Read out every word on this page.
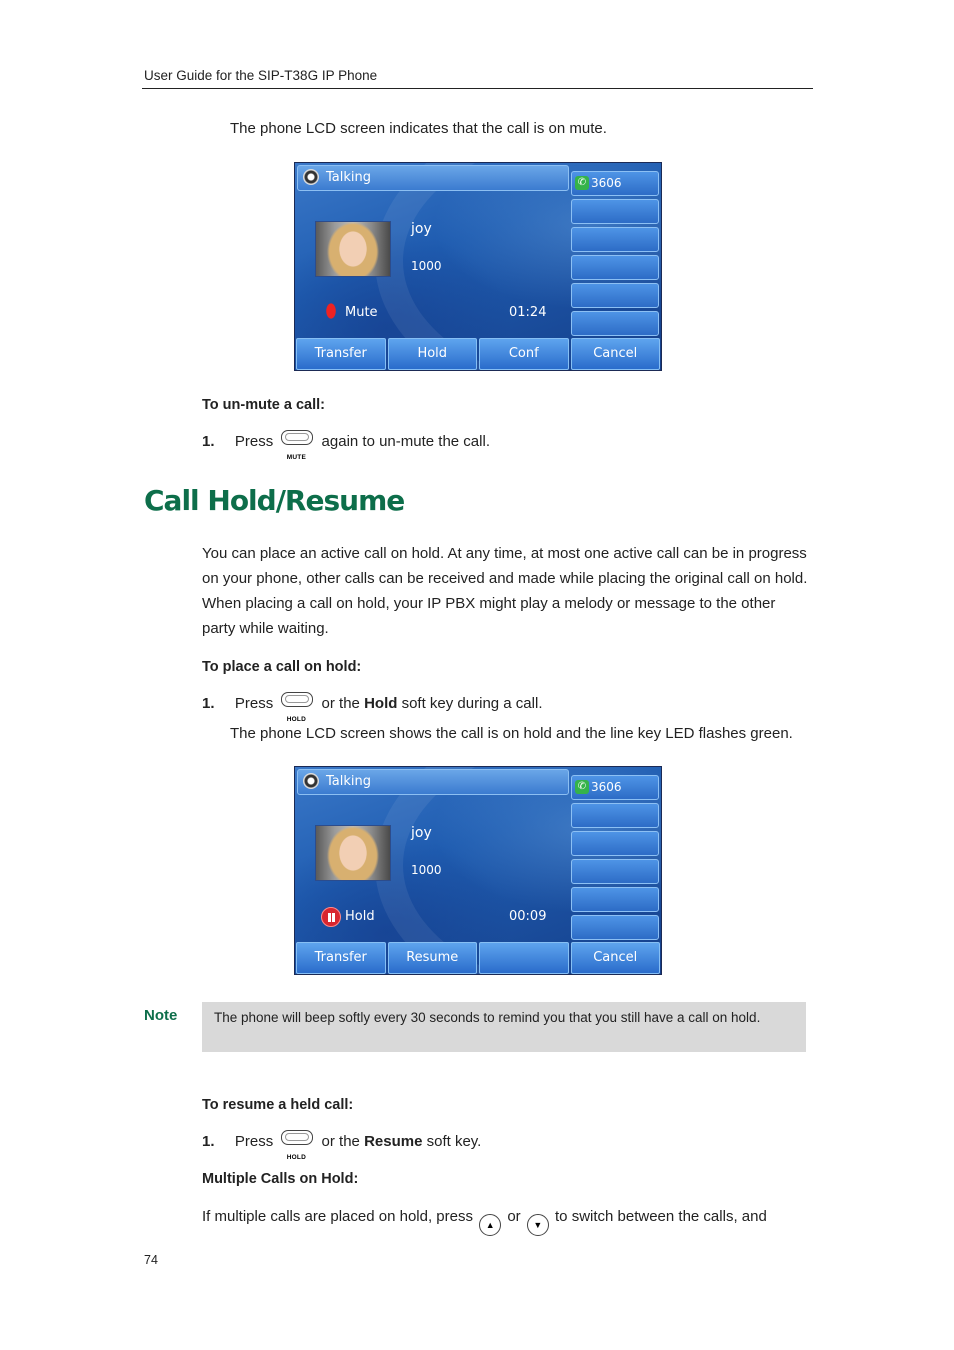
User Guide for the SIP-T38G IP Phone
The phone LCD screen indicates that the call is on mute.
Talking	✆ 3606
joy
1000
Mute	01:24
Transfer	Hold	Conf	Cancel
To un-mute a call:
1. Press
MUTE
again to un-mute the call.
Call Hold/Resume
You can place an active call on hold. At any time, at most one active call can be in progress on your phone, other calls can be received and made while placing the original call on hold. When placing a call on hold, your IP PBX might play a melody or message to the other party while waiting.
To place a call on hold:
1. Press
HOLD
or the Hold soft key during a call.
The phone LCD screen shows the call is on hold and the line key LED flashes green.
Talking	✆ 3606
joy
1000
Hold	00:09
Transfer	Resume	Cancel
Note	The phone will beep softly every 30 seconds to remind you that you still have a call on hold.
To resume a held call:
1. Press
HOLD
or the Resume soft key.
Multiple Calls on Hold:
If multiple calls are placed on hold, press ▲ or ▼ to switch between the calls, and
74
